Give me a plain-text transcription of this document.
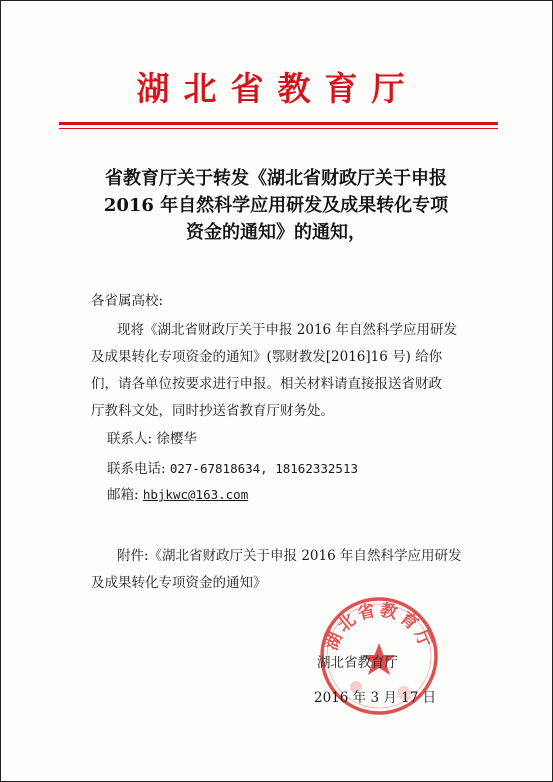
湖北省教育厅
省教育厅关于转发《湖北省财政厅关于申报
2016 年自然科学应用研发及成果转化专项
资金的通知》的通知，
各省属高校:
现将《湖北省财政厅关于申报 2016 年自然科学应用研发
及成果转化专项资金的通知》(鄂财教发[2016]16 号) 给你
们，请各单位按要求进行申报。相关材料请直接报送省财政
厅教科文处，同时抄送省教育厅财务处。
联系人: 徐樱华
联系电话: 027-67818634, 18162332513
邮箱: hbjkwc@163.com
附件:《湖北省财政厅关于申报 2016 年自然科学应用研发
及成果转化专项资金的通知》
湖北省教育厅
湖北省教育厅
2016 年 3 月 17 日
